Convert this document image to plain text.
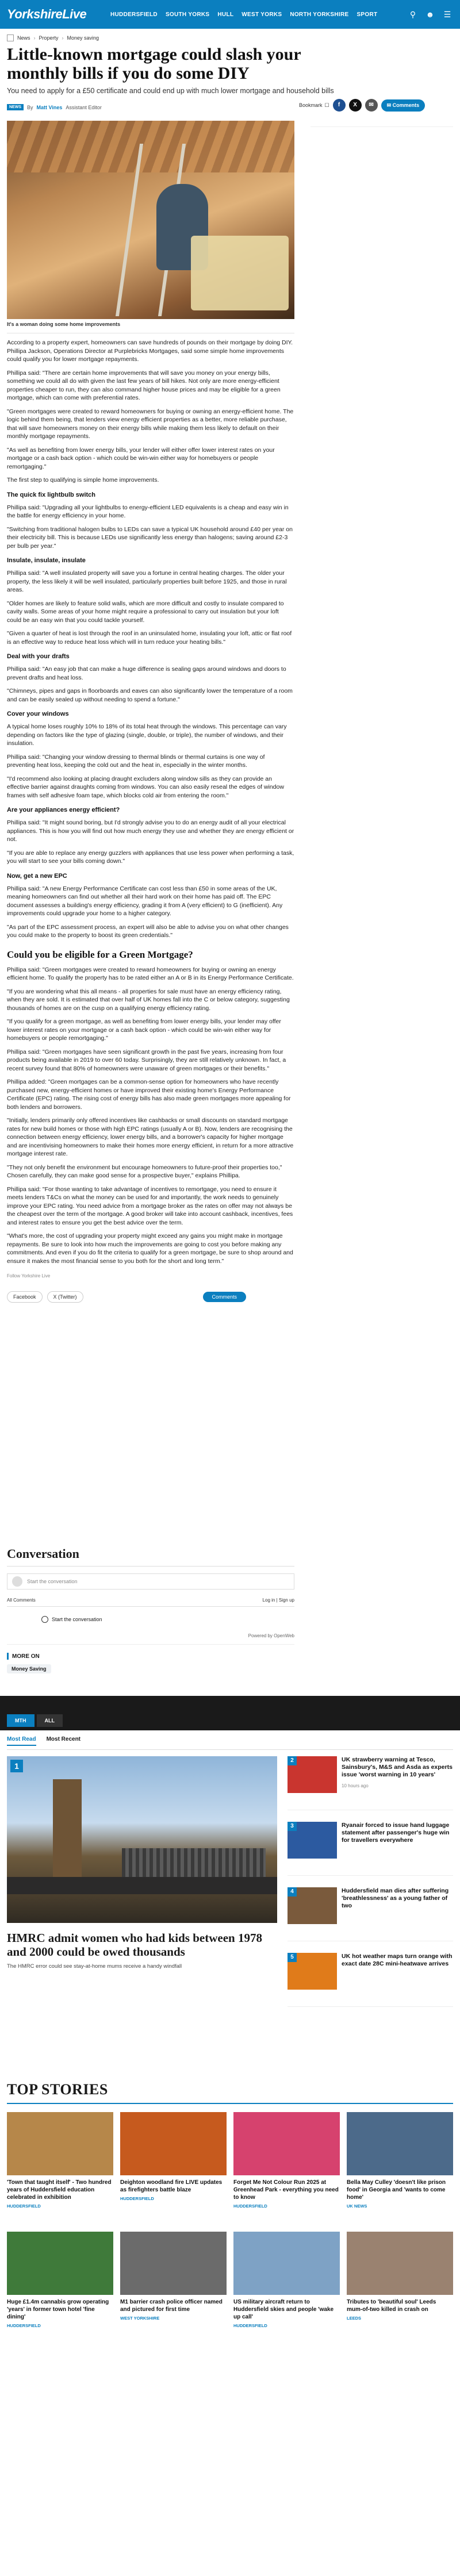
YorkshireLive	HUDDERSFIELD SOUTH YORKS HULL WEST YORKS NORTH YORKSHIRE SPORT	⚲	☻ ☰
News › Property › Money saving
Little-known mortgage could slash your monthly bills if you do some DIY

You need to apply for a £50 certificate and could end up with much lower mortgage and household bills

NEWS	By Matt Vines Assistant Editor	Bookmark ☐	f	X	✉	✉ Comments
It's a woman doing some home improvements

According to a property expert, homeowners can save hundreds of pounds on their mortgage by doing DIY. Phillipa Jackson, Operations Director at Purplebricks Mortgages, said some simple home improvements could qualify you for lower mortgage repayments.

Phillipa said: "There are certain home improvements that will save you money on your energy bills, something we could all do with given the last few years of bill hikes. Not only are more energy-efficient properties cheaper to run, they can also command higher house prices and may be eligible for a green mortgage, which can come with preferential rates.

"Green mortgages were created to reward homeowners for buying or owning an energy-efficient home. The logic behind them being, that lenders view energy efficient properties as a better, more reliable purchase, that will save homeowners money on their energy bills while making them less likely to default on their monthly mortgage repayments.

"As well as benefiting from lower energy bills, your lender will either offer lower interest rates on your mortgage or a cash back option - which could be win-win either way for homebuyers or people remortgaging."

The first step to qualifying is simple home improvements.

The quick fix lightbulb switch

Phillipa said: "Upgrading all your lightbulbs to energy-efficient LED equivalents is a cheap and easy win in the battle for energy efficiency in your home.

"Switching from traditional halogen bulbs to LEDs can save a typical UK household around £40 per year on their electricity bill. This is because LEDs use significantly less energy than halogens; saving around £2-3 per bulb per year."

Insulate, insulate, insulate

Phillipa said: "A well insulated property will save you a fortune in central heating charges. The older your property, the less likely it will be well insulated, particularly properties built before 1925, and those in rural areas.

"Older homes are likely to feature solid walls, which are more difficult and costly to insulate compared to cavity walls. Some areas of your home might require a professional to carry out insulation but your loft could be an easy win that you could tackle yourself.

"Given a quarter of heat is lost through the roof in an uninsulated home, insulating your loft, attic or flat roof is an effective way to reduce heat loss which will in turn reduce your heating bills."

Deal with your drafts

Phillipa said: "An easy job that can make a huge difference is sealing gaps around windows and doors to prevent drafts and heat loss.

"Chimneys, pipes and gaps in floorboards and eaves can also significantly lower the temperature of a room and can be easily sealed up without needing to spend a fortune."

Cover your windows

A typical home loses roughly 10% to 18% of its total heat through the windows. This percentage can vary depending on factors like the type of glazing (single, double, or triple), the number of windows, and their insulation.

Phillipa said: "Changing your window dressing to thermal blinds or thermal curtains is one way of preventing heat loss, keeping the cold out and the heat in, especially in the winter months.

"I'd recommend also looking at placing draught excluders along window sills as they can provide an effective barrier against draughts coming from windows. You can also easily reseal the edges of window frames with self adhesive foam tape, which blocks cold air from entering the room."

Are your appliances energy efficient?

Phillipa said: "It might sound boring, but I'd strongly advise you to do an energy audit of all your electrical appliances. This is how you will find out how much energy they use and whether they are energy efficient or not.

"If you are able to replace any energy guzzlers with appliances that use less power when performing a task, you will start to see your bills coming down."

Now, get a new EPC

Phillipa said: "A new Energy Performance Certificate can cost less than £50 in some areas of the UK, meaning homeowners can find out whether all their hard work on their home has paid off. The EPC document assesses a building's energy efficiency, grading it from A (very efficient) to G (inefficient). Any improvements could upgrade your home to a higher category.

"As part of the EPC assessment process, an expert will also be able to advise you on what other changes you could make to the property to boost its green credentials."

Could you be eligible for a Green Mortgage?

Phillipa said: "Green mortgages were created to reward homeowners for buying or owning an energy efficient home. To qualify the property has to be rated either an A or B in its Energy Performance Certificate.

"If you are wondering what this all means - all properties for sale must have an energy efficiency rating, when they are sold. It is estimated that over half of UK homes fall into the C or below category, suggesting thousands of homes are on the cusp on a qualifying energy efficiency rating.

"If you qualify for a green mortgage, as well as benefiting from lower energy bills, your lender may offer lower interest rates on your mortgage or a cash back option - which could be win-win either way for homebuyers or people remortgaging."

Phillipa said: "Green mortgages have seen significant growth in the past five years, increasing from four products being available in 2019 to over 60 today. Surprisingly, they are still relatively unknown. In fact, a recent survey found that 80% of homeowners were unaware of green mortgages or their benefits."

Phillipa added: "Green mortgages can be a common-sense option for homeowners who have recently purchased new, energy-efficient homes or have improved their existing home's Energy Performance Certificate (EPC) rating. The rising cost of energy bills has also made green mortgages more appealing for both lenders and borrowers.

"Initially, lenders primarily only offered incentives like cashbacks or small discounts on standard mortgage rates for new build homes or those with high EPC ratings (usually A or B). Now, lenders are recognising the connection between energy efficiency, lower energy bills, and a borrower's capacity for higher mortgage and are incentivising homeowners to make their homes more energy efficient, in return for a more attractive mortgage interest rate.

"They not only benefit the environment but encourage homeowners to future-proof their properties too," Chosen carefully, they can make good sense for a prospective buyer," explains Phillipa.

Phillipa said: "For those wanting to take advantage of incentives to remortgage, you need to ensure it meets lenders T&Cs on what the money can be used for and importantly, the work needs to genuinely improve your EPC rating. You need advice from a mortgage broker as the rates on offer may not always be the cheapest over the term of the mortgage. A good broker will take into account cashback, incentives, fees and interest rates to ensure you get the best advice over the term.

"What's more, the cost of upgrading your property might exceed any gains you might make in mortgage repayments. Be sure to look into how much the improvements are going to cost you before making any commitments. And even if you do fit the criteria to qualify for a green mortgage, be sure to shop around and ensure it makes the most financial sense to you both for the short and long term."

Follow Yorkshire Live

Facebook	X (Twitter)	Comments
Conversation
Start the conversation
All Comments	Log in | Sign up
Start the conversation
Powered by OpenWeb
MORE ON
Money Saving
MTH	ALL
Most Read Most Recent
1
HMRC admit women who had kids between 1978 and 2000 could be owed thousands
The HMRC error could see stay-at-home mums receive a handy windfall
2	UK strawberry warning at Tesco, Sainsbury's, M&S and Asda as experts issue 'worst warning in 10 years'
10 hours ago
3	Ryanair forced to issue hand luggage statement after passenger's huge win for travellers everywhere
4	Huddersfield man dies after suffering 'breathlessness' as a young father of two
5	UK hot weather maps turn orange with exact date 28C mini-heatwave arrives
TOP STORIES
'Town that taught itself' - Two hundred years of Huddersfield education celebrated in exhibition
HUDDERSFIELD
Deighton woodland fire LIVE updates as firefighters battle blaze
HUDDERSFIELD
Forget Me Not Colour Run 2025 at Greenhead Park - everything you need to know
HUDDERSFIELD
Bella May Culley 'doesn't like prison food' in Georgia and 'wants to come home'
UK NEWS
Huge £1.4m cannabis grow operating 'years' in former town hotel 'fine dining'
HUDDERSFIELD
M1 barrier crash police officer named and pictured for first time
WEST YORKSHIRE
US military aircraft return to Huddersfield skies and people 'wake up call'
HUDDERSFIELD
Tributes to 'beautiful soul' Leeds mum-of-two killed in crash on
LEEDS
